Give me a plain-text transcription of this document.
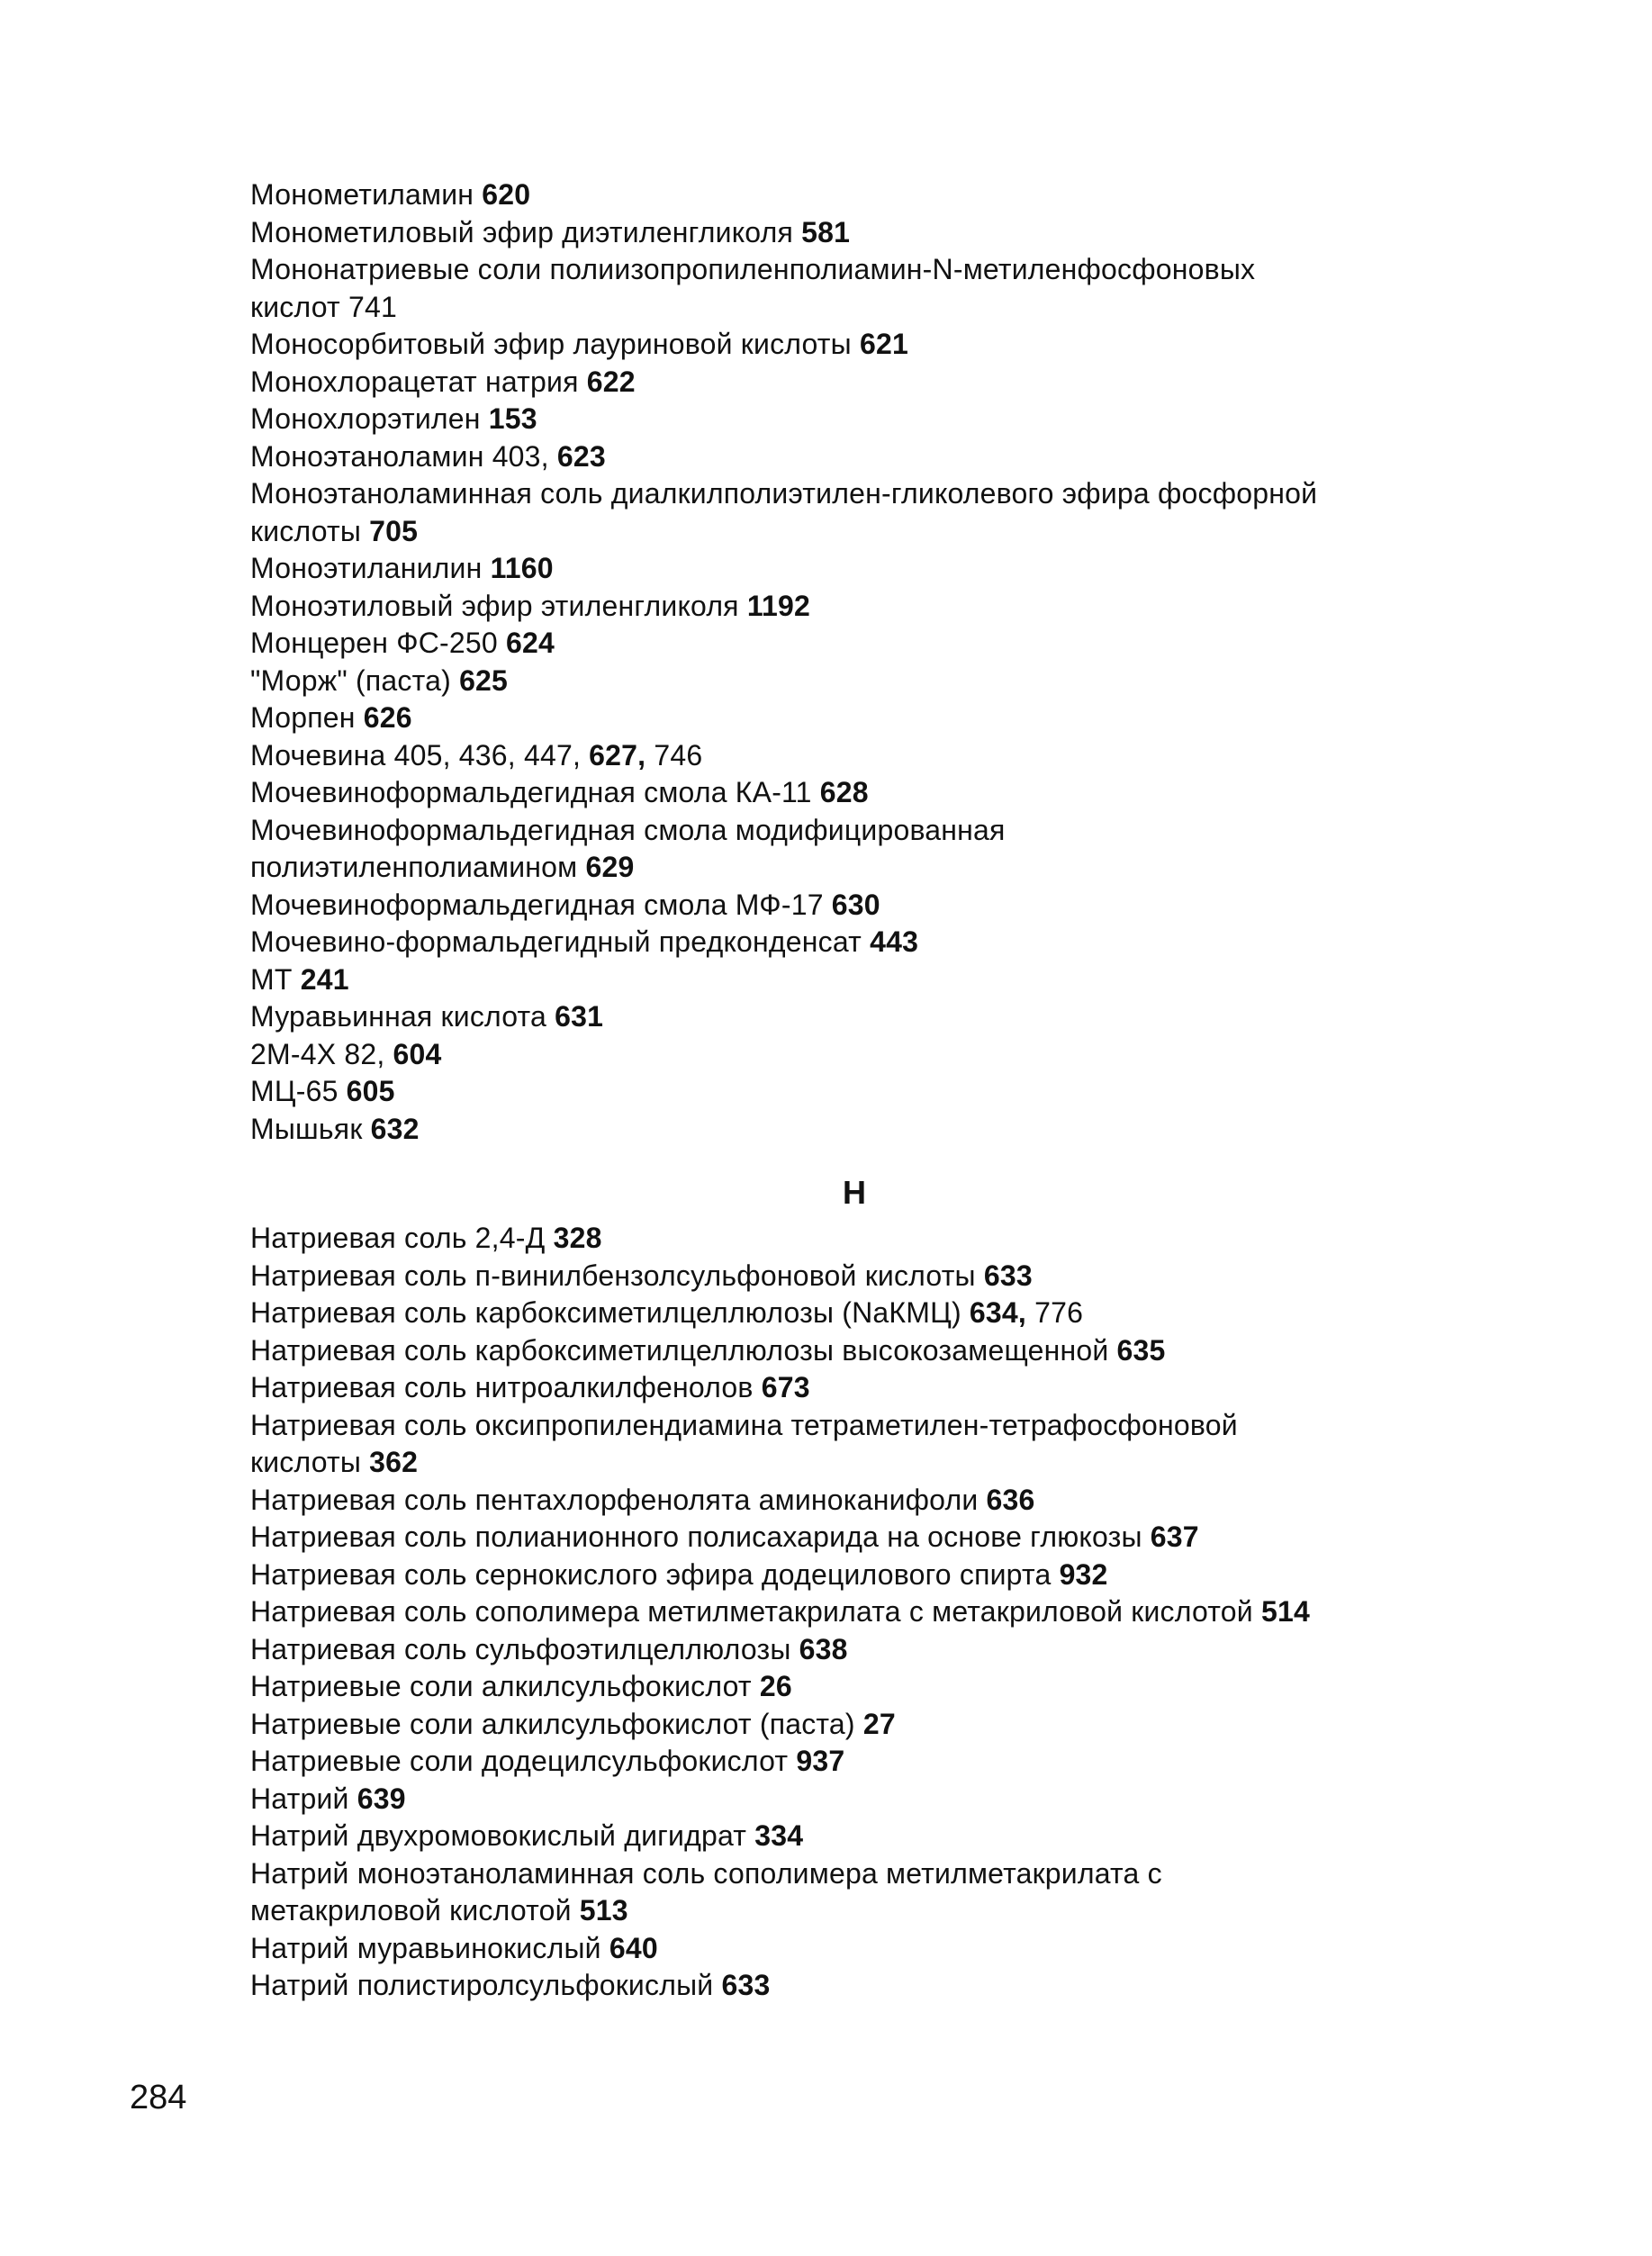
Монометиламин 620
Монометиловый эфир диэтиленгликоля 581
Мононатриевые соли полиизопропиленполиамин-N-метиленфосфоновых
кислот 741
Моносорбитовый эфир лауриновой кислоты 621
Монохлорацетат натрия 622
Монохлорэтилен 153
Моноэтаноламин 403, 623
Моноэтаноламинная соль диалкилполиэтилен-гликолевого эфира фосфорной
кислоты 705
Моноэтиланилин 1160
Моноэтиловый эфир этиленгликоля 1192
Монцерен ФС-250 624
"Морж" (паста) 625
Морпен 626
Мочевина 405, 436, 447, 627, 746
Мочевиноформальдегидная смола КА-11 628
Мочевиноформальдегидная смола модифицированная
полиэтиленполиамином 629
Мочевиноформальдегидная смола МФ-17 630
Мочевино-формальдегидный предконденсат 443
МТ 241
Муравьинная кислота 631
2М-4Х 82, 604
МЦ-65 605
Мышьяк 632
Н
Натриевая соль 2,4-Д 328
Натриевая соль п-винилбензолсульфоновой кислоты 633
Натриевая соль карбоксиметилцеллюлозы (NaКМЦ) 634, 776
Натриевая соль карбоксиметилцеллюлозы высокозамещенной 635
Натриевая соль нитроалкилфенолов 673
Натриевая соль оксипропилендиамина тетраметилен-тетрафосфоновой
кислоты 362
Натриевая соль пентахлорфенолята аминоканифоли 636
Натриевая соль полианионного полисахарида на основе глюкозы 637
Натриевая соль сернокислого эфира додецилового спирта 932
Натриевая соль сополимера метилметакрилата с метакриловой кислотой 514
Натриевая соль сульфоэтилцеллюлозы 638
Натриевые соли алкилсульфокислот 26
Натриевые соли алкилсульфокислот (паста) 27
Натриевые соли додецилсульфокислот 937
Натрий 639
Натрий двухромовокислый дигидрат 334
Натрий моноэтаноламинная соль сополимера метилметакрилата с
метакриловой кислотой 513
Натрий муравьинокислый 640
Натрий полистиролсульфокислый 633
284
